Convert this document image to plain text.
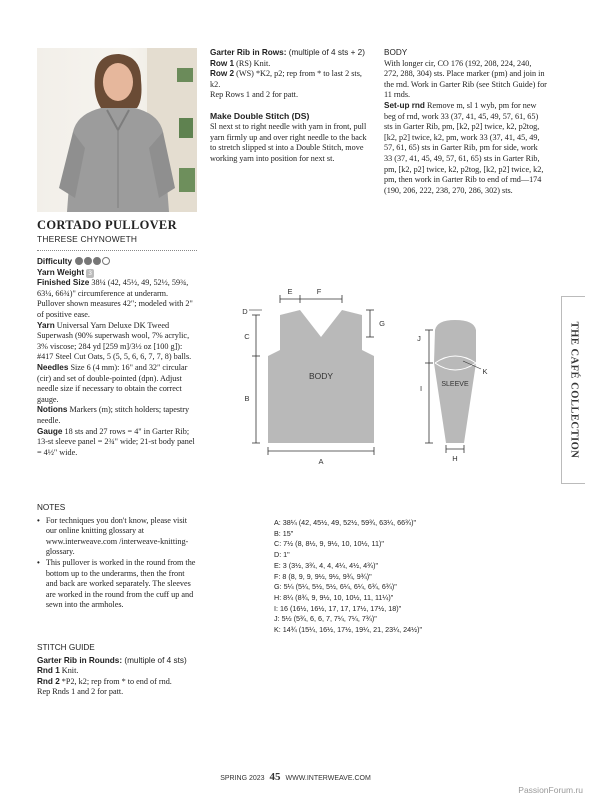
CORTADO PULLOVER
THERESE CHYNOWETH

Difficulty

Yarn Weight 3

Finished Size 38¼ (42, 45½, 49, 52½, 59¾, 63¼, 66¾)" circumference at underarm. Pullover shown measures 42"; modeled with 2" of positive ease.

Yarn Universal Yarn Deluxe DK Tweed Superwash (90% superwash wool, 7% acrylic, 3% viscose; 284 yd [259 m]/3½ oz [100 g]): #417 Steel Cut Oats, 5 (5, 5, 6, 6, 7, 7, 8) balls.

Needles Size 6 (4 mm): 16" and 32" circular (cir) and set of double-pointed (dpn). Adjust needle size if necessary to obtain the correct gauge.

Notions Markers (m); stitch holders; tapestry needle.

Gauge 18 sts and 27 rows = 4" in Garter Rib; 13-st sleeve panel = 2¾" wide; 21-st body panel = 4½" wide.

NOTES

• For techniques you don't know, please visit our online knitting glossary at www.interweave.com /interweave-knitting-glossary.

• This pullover is worked in the round from the bottom up to the underarms, then the front and back are worked separately. The sleeves are worked in the round from the cuff up and sewn into the armholes.

STITCH GUIDE

Garter Rib in Rounds: (multiple of 4 sts)

Rnd 1 Knit.

Rnd 2 *P2, k2; rep from * to end of rnd.

Rep Rnds 1 and 2 for patt.

Garter Rib in Rows: (multiple of 4 sts + 2)

Row 1 (RS) Knit.

Row 2 (WS) *K2, p2; rep from * to last 2 sts, k2.

Rep Rows 1 and 2 for patt.

Make Double Stitch (DS)

Sl next st to right needle with yarn in front, pull yarn firmly up and over right needle to the back to stretch slipped st into a Double Stitch, move working yarn into position for next st.

BODY

With longer cir, CO 176 (192, 208, 224, 240, 272, 288, 304) sts. Place marker (pm) and join in the rnd. Work in Garter Rib (see Stitch Guide) for 11 rnds.

Set-up rnd Remove m, sl 1 wyb, pm for new beg of rnd, work 33 (37, 41, 45, 49, 57, 61, 65) sts in Garter Rib, pm, [k2, p2] twice, k2, p2tog, [k2, p2] twice, k2, pm, work 33 (37, 41, 45, 49, 57, 61, 65) sts in Garter Rib, pm for side, work 33 (37, 41, 45, 49, 57, 61, 65) sts in Garter Rib, pm, [k2, p2] twice, k2, p2tog, [k2, p2] twice, k2, pm, then work in Garter Rib to end of rnd—174 (190, 206, 222, 238, 270, 286, 302) sts.

BODY
SLEEVE
A
B
C
D
E	F
G
H
I
J
K

A: 38¼ (42, 45½, 49, 52½, 59¾, 63¼, 66¾)"

B: 15"

C: 7½ (8, 8½, 9, 9½, 10, 10½, 11)"

D: 1"

E: 3 (3½, 3¾, 4, 4, 4¼, 4½, 4¾)"

F: 8 (8, 9, 9, 9½, 9½, 9¾, 9¾)"

G: 5¼ (5¼, 5½, 5½, 6¼, 6¼, 6¾, 6¾)"

H: 8¼ (8¾, 9, 9½, 10, 10½, 11, 11¼)"

I: 16 (16½, 16½, 17, 17, 17½, 17½, 18)"

J: 5½ (5¾, 6, 6, 7, 7¼, 7¼, 7¾)"

K: 14¾ (15¼, 16½, 17½, 19¼, 21, 23¼, 24½)"

THE CAFÉ COLLECTION
SPRING 2023 45 WWW.INTERWEAVE.COM
PassionForum.ru
